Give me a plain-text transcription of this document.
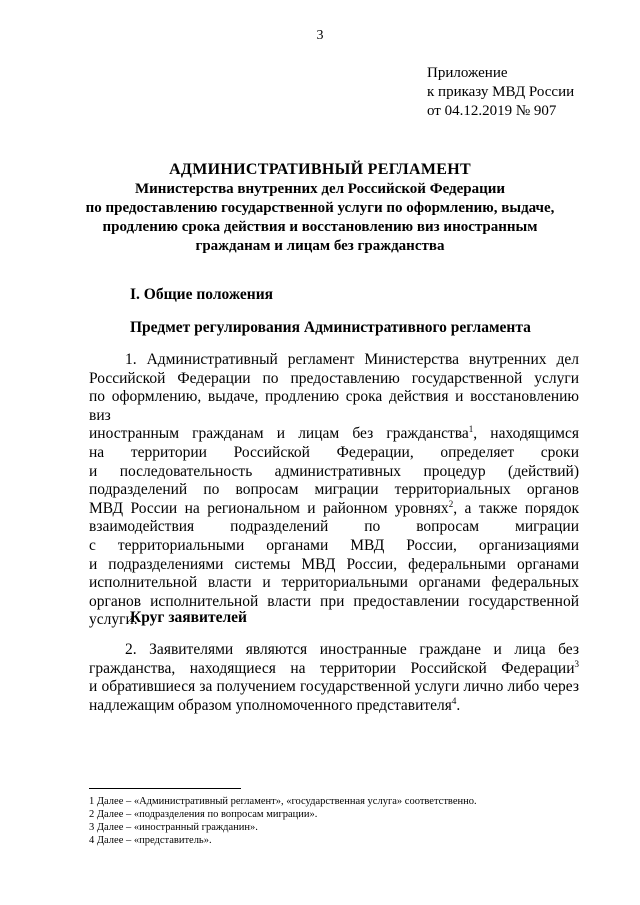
3
Приложение
к приказу МВД России
от 04.12.2019 № 907
АДМИНИСТРАТИВНЫЙ РЕГЛАМЕНТ
Министерства внутренних дел Российской Федерации
по предоставлению государственной услуги по оформлению, выдаче,
продлению срока действия и восстановлению виз иностранным
гражданам и лицам без гражданства
I. Общие положения
Предмет регулирования Административного регламента
1. Административный регламент Министерства внутренних дел
Российской Федерации по предоставлению государственной услуги
по оформлению, выдаче, продлению срока действия и восстановлению виз
иностранным гражданам и лицам без гражданства$^1$, находящимся
на территории Российской Федерации, определяет сроки
и последовательность административных процедур (действий)
подразделений по вопросам миграции территориальных органов
МВД России на региональном и районном уровнях$^2$, а также порядок
взаимодействия подразделений по вопросам миграции
с территориальными органами МВД России, организациями
и подразделениями системы МВД России, федеральными органами
исполнительной власти и территориальными органами федеральных
органов исполнительной власти при предоставлении государственной
услуги.
Круг заявителей
2. Заявителями являются иностранные граждане и лица без
гражданства, находящиеся на территории Российской Федерации$^3$
и обратившиеся за получением государственной услуги лично либо через
надлежащим образом уполномоченного представителя$^4$.
1 Далее – «Административный регламент», «государственная услуга» соответственно.
2 Далее – «подразделения по вопросам миграции».
3 Далее – «иностранный гражданин».
4 Далее – «представитель».
